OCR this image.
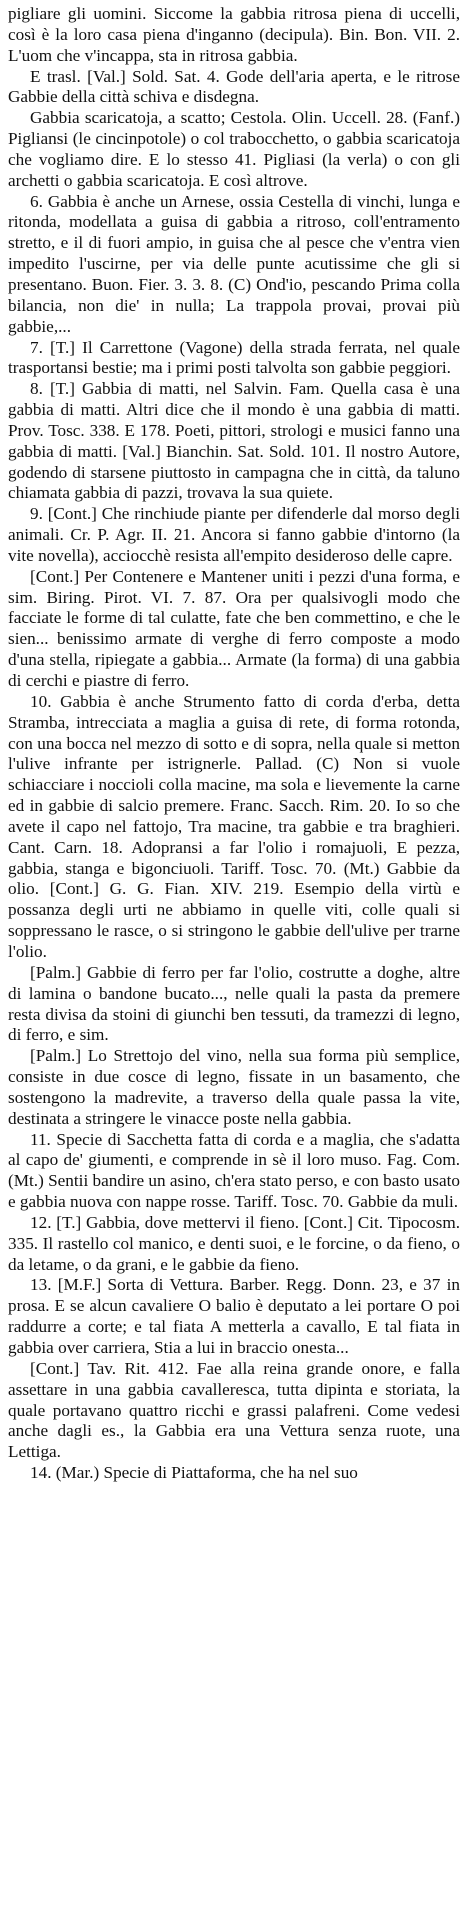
pigliare gli uomini. Siccome la gabbia ritrosa piena di uccelli, così è la loro casa piena d'inganno (decipula). Bin. Bon. VII. 2. L'uom che v'incappa, sta in ritrosa gabbia.

E trasl. [Val.] Sold. Sat. 4. Gode dell'aria aperta, e le ritrose Gabbie della città schiva e disdegna.

Gabbia scaricatoja, a scatto; Cestola. Olin. Uccell. 28. (Fanf.) Pigliansi (le cincinpotole) o col trabocchetto, o gabbia scaricatoja che vogliamo dire. E lo stesso 41. Pigliasi (la verla) o con gli archetti o gabbia scaricatoja. E così altrove.

6. Gabbia è anche un Arnese, ossia Cestella di vinchi, lunga e ritonda, modellata a guisa di gabbia a ritroso, coll'entramento stretto, e il di fuori ampio, in guisa che al pesce che v'entra vien impedito l'uscirne, per via delle punte acutissime che gli si presentano. Buon. Fier. 3. 3. 8. (C) Ond'io, pescando Prima colla bilancia, non die' in nulla; La trappola provai, provai più gabbie,...

7. [T.] Il Carrettone (Vagone) della strada ferrata, nel quale trasportansi bestie; ma i primi posti talvolta son gabbie peggiori.

8. [T.] Gabbia di matti, nel Salvin. Fam. Quella casa è una gabbia di matti. Altri dice che il mondo è una gabbia di matti. Prov. Tosc. 338. E 178. Poeti, pittori, strologi e musici fanno una gabbia di matti. [Val.] Bianchin. Sat. Sold. 101. Il nostro Autore, godendo di starsene piuttosto in campagna che in città, da taluno chiamata gabbia di pazzi, trovava la sua quiete.

9. [Cont.] Che rinchiude piante per difenderle dal morso degli animali. Cr. P. Agr. II. 21. Ancora si fanno gabbie d'intorno (la vite novella), acciocchè resista all'empito desideroso delle capre.

[Cont.] Per Contenere e Mantener uniti i pezzi d'una forma, e sim. Biring. Pirot. VI. 7. 87. Ora per qualsivogli modo che facciate le forme di tal culatte, fate che ben commettino, e che le sien... benissimo armate di verghe di ferro composte a modo d'una stella, ripiegate a gabbia... Armate (la forma) di una gabbia di cerchi e piastre di ferro.

10. Gabbia è anche Strumento fatto di corda d'erba, detta Stramba, intrecciata a maglia a guisa di rete, di forma rotonda, con una bocca nel mezzo di sotto e di sopra, nella quale si metton l'ulive infrante per istrignerle. Pallad. (C) Non si vuole schiacciare i noccioli colla macine, ma sola e lievemente la carne ed in gabbie di salcio premere. Franc. Sacch. Rim. 20. Io so che avete il capo nel fattojo, Tra macine, tra gabbie e tra braghieri. Cant. Carn. 18. Adopransi a far l'olio i romajuoli, E pezza, gabbia, stanga e bigonciuoli. Tariff. Tosc. 70. (Mt.) Gabbie da olio. [Cont.] G. G. Fian. XIV. 219. Esempio della virtù e possanza degli urti ne abbiamo in quelle viti, colle quali si soppressano le rasce, o si stringono le gabbie dell'ulive per trarne l'olio.

[Palm.] Gabbie di ferro per far l'olio, costrutte a doghe, altre di lamina o bandone bucato..., nelle quali la pasta da premere resta divisa da stoini di giunchi ben tessuti, da tramezzi di legno, di ferro, e sim.

[Palm.] Lo Strettojo del vino, nella sua forma più semplice, consiste in due cosce di legno, fissate in un basamento, che sostengono la madrevite, a traverso della quale passa la vite, destinata a stringere le vinacce poste nella gabbia.

11. Specie di Sacchetta fatta di corda e a maglia, che s'adatta al capo de' giumenti, e comprende in sè il loro muso. Fag. Com. (Mt.) Sentii bandire un asino, ch'era stato perso, e con basto usato e gabbia nuova con nappe rosse. Tariff. Tosc. 70. Gabbie da muli.

12. [T.] Gabbia, dove mettervi il fieno. [Cont.] Cit. Tipocosm. 335. Il rastello col manico, e denti suoi, e le forcine, o da fieno, o da letame, o da grani, e le gabbie da fieno.

13. [M.F.] Sorta di Vettura. Barber. Regg. Donn. 23, e 37 in prosa. E se alcun cavaliere O balio è deputato a lei portare O poi raddurre a corte; e tal fiata A metterla a cavallo, E tal fiata in gabbia over carriera, Stia a lui in braccio onesta...

[Cont.] Tav. Rit. 412. Fae alla reina grande onore, e falla assettare in una gabbia cavalleresca, tutta dipinta e storiata, la quale portavano quattro ricchi e grassi palafreni. Come vedesi anche dagli es., la Gabbia era una Vettura senza ruote, una Lettiga.

14. (Mar.) Specie di Piattaforma, che ha nel suo
